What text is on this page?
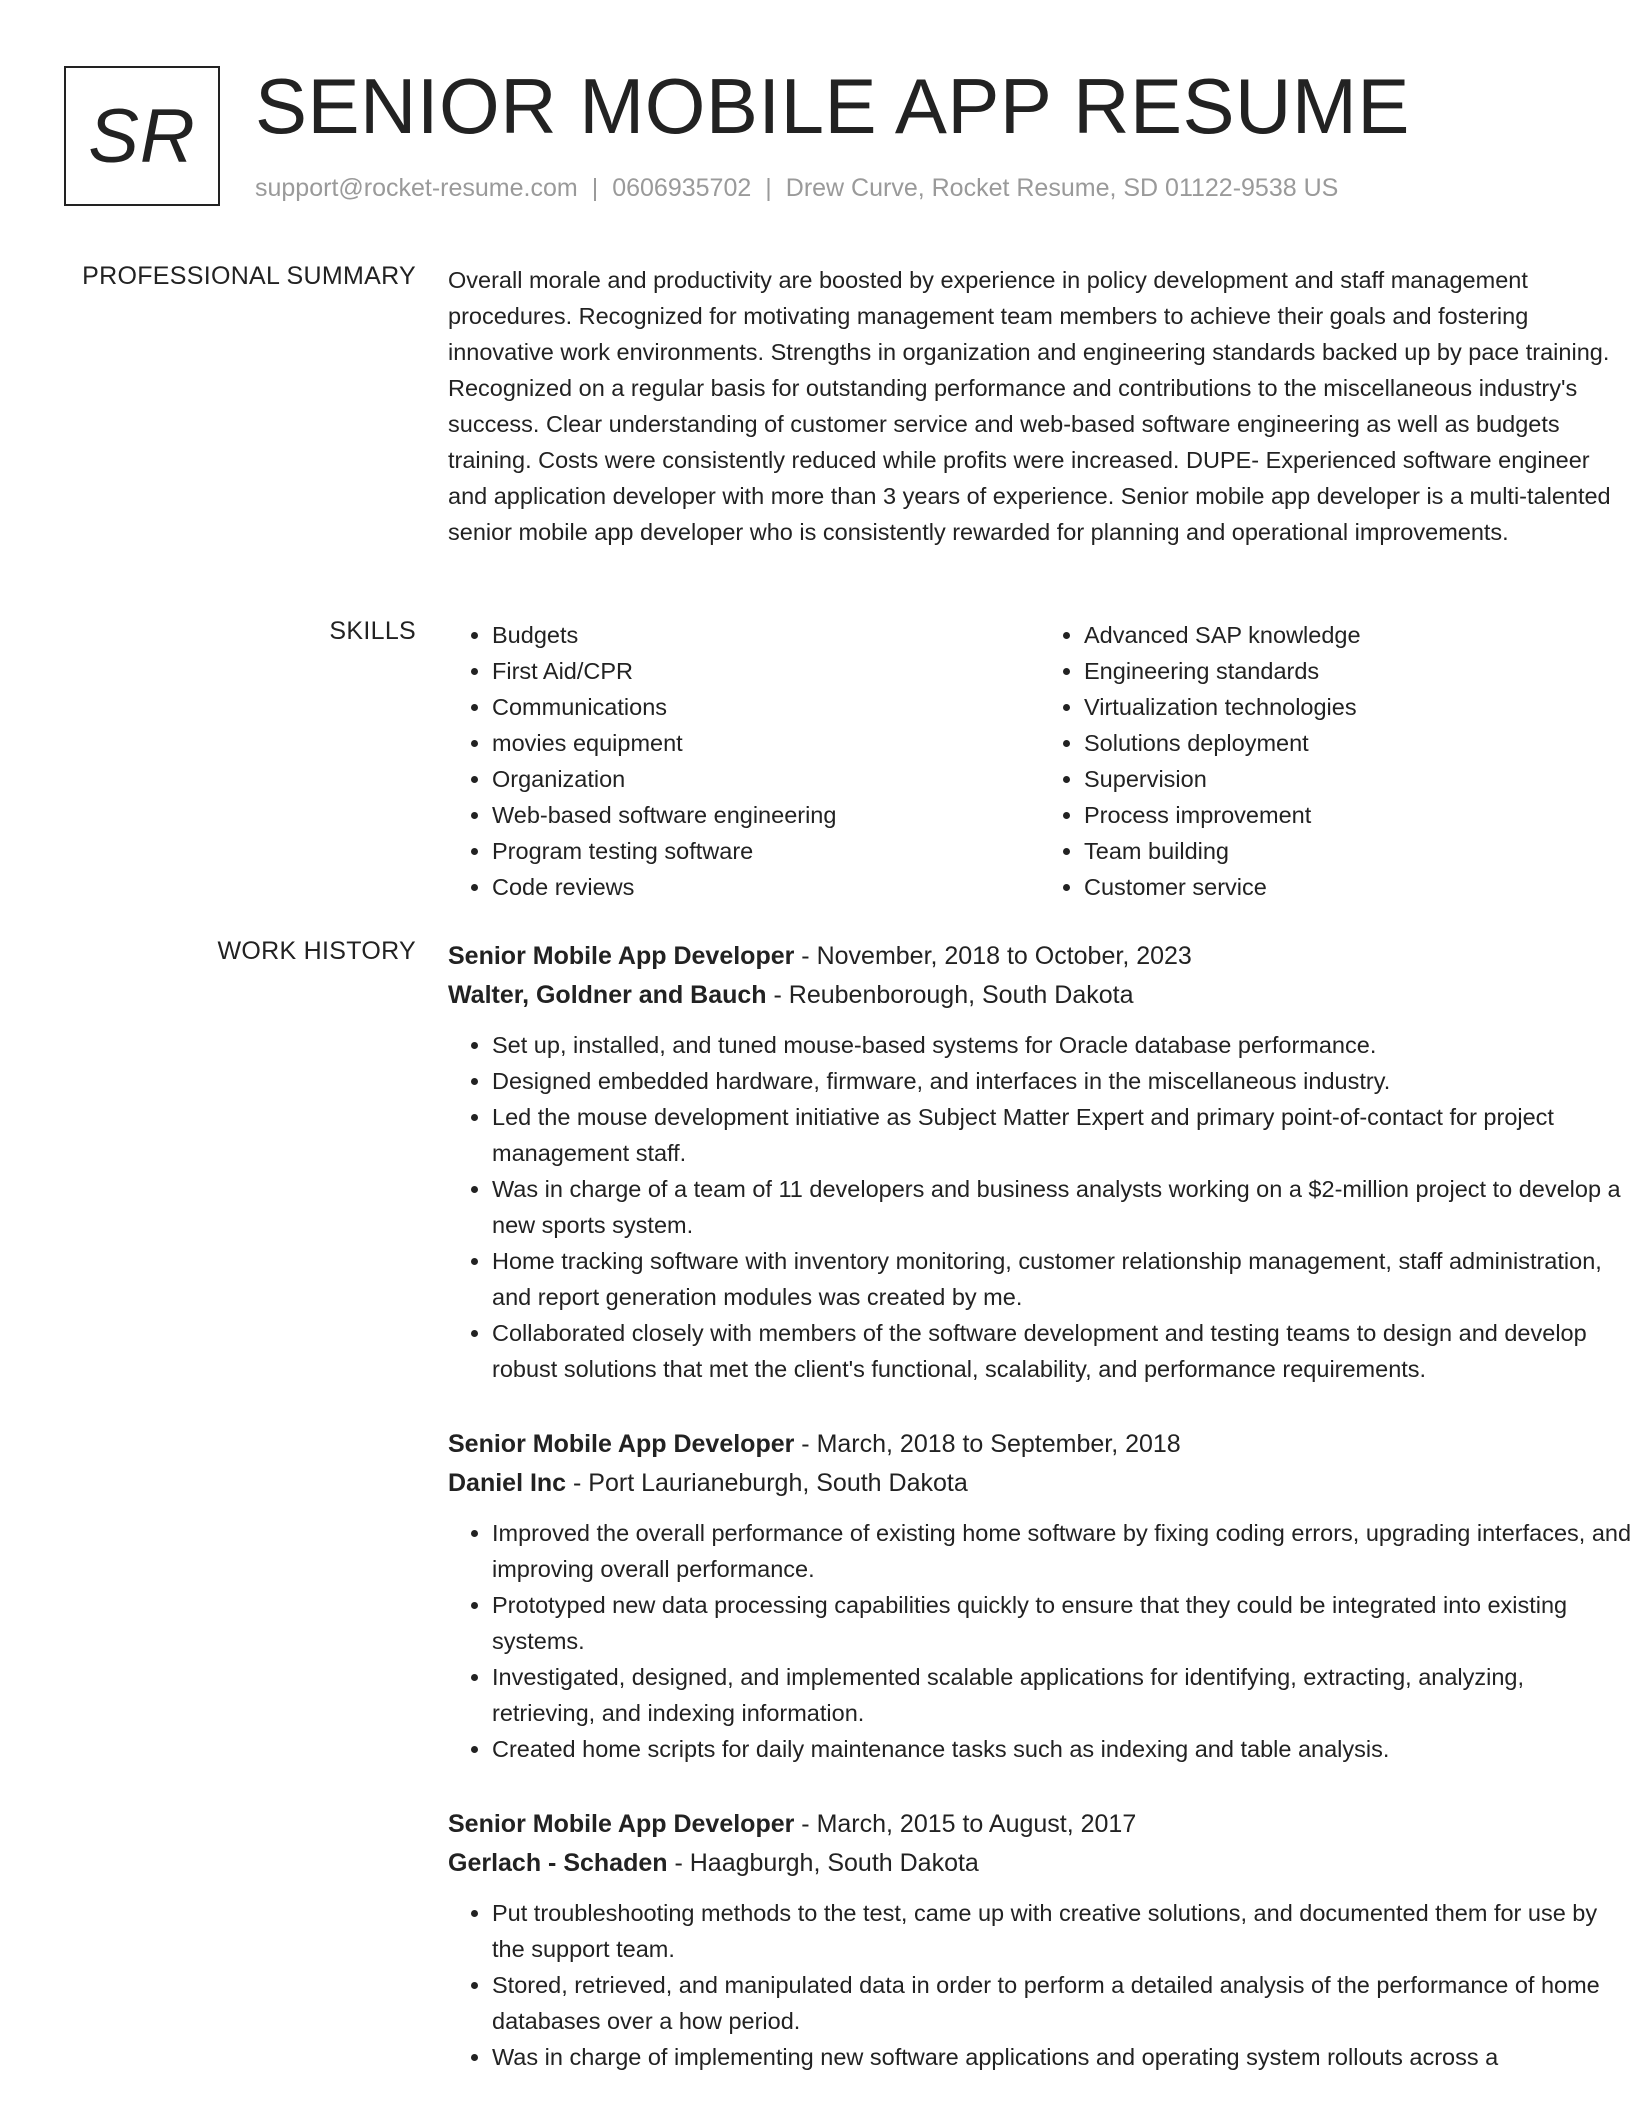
SR SENIOR MOBILE APP RESUME
support@rocket-resume.com | 0606935702 | Drew Curve, Rocket Resume, SD 01122-9538 US
PROFESSIONAL SUMMARY Overall morale and productivity are boosted by experience in policy development and staff management procedures. Recognized for motivating management team members to achieve their goals and fostering innovative work environments. Strengths in organization and engineering standards backed up by pace training. Recognized on a regular basis for outstanding performance and contributions to the miscellaneous industry's success. Clear understanding of customer service and web-based software engineering as well as budgets training. Costs were consistently reduced while profits were increased. DUPE- Experienced software engineer and application developer with more than 3 years of experience. Senior mobile app developer is a multi-talented senior mobile app developer who is consistently rewarded for planning and operational improvements.

SKILLS
•	Budgets
• First Aid/CPR
• Communications
• movies equipment
• Organization
• Web-based software engineering
• Program testing software
• Code reviews
• Advanced SAP knowledge
• Engineering standards
• Virtualization technologies
• Solutions deployment
• Supervision
• Process improvement
• Team building
• Customer service
WORK HISTORY Senior Mobile App Developer - November, 2018 to October, 2023
Walter, Goldner and Bauch - Reubenborough, South Dakota
• Set up, installed, and tuned mouse-based systems for Oracle database performance.
• Designed embedded hardware, firmware, and interfaces in the miscellaneous industry.
• Led the mouse development initiative as Subject Matter Expert and primary point-of-contact for project management staff.
• Was in charge of a team of 11 developers and business analysts working on a $2-million project to develop a new sports system.
• Home tracking software with inventory monitoring, customer relationship management, staff administration, and report generation modules was created by me.
• Collaborated closely with members of the software development and testing teams to design and develop robust solutions that met the client's functional, scalability, and performance requirements.
Senior Mobile App Developer - March, 2018 to September, 2018
Daniel Inc - Port Laurianeburgh, South Dakota
• Improved the overall performance of existing home software by fixing coding errors, upgrading interfaces, and improving overall performance.
• Prototyped new data processing capabilities quickly to ensure that they could be integrated into existing systems.
• Investigated, designed, and implemented scalable applications for identifying, extracting, analyzing, retrieving, and indexing information.
• Created home scripts for daily maintenance tasks such as indexing and table analysis.
Senior Mobile App Developer - March, 2015 to August, 2017
Gerlach - Schaden - Haagburgh, South Dakota
• Put troubleshooting methods to the test, came up with creative solutions, and documented them for use by the support team.
• Stored, retrieved, and manipulated data in order to perform a detailed analysis of the performance of home databases over a how period.
• Was in charge of implementing new software applications and operating system rollouts across a
